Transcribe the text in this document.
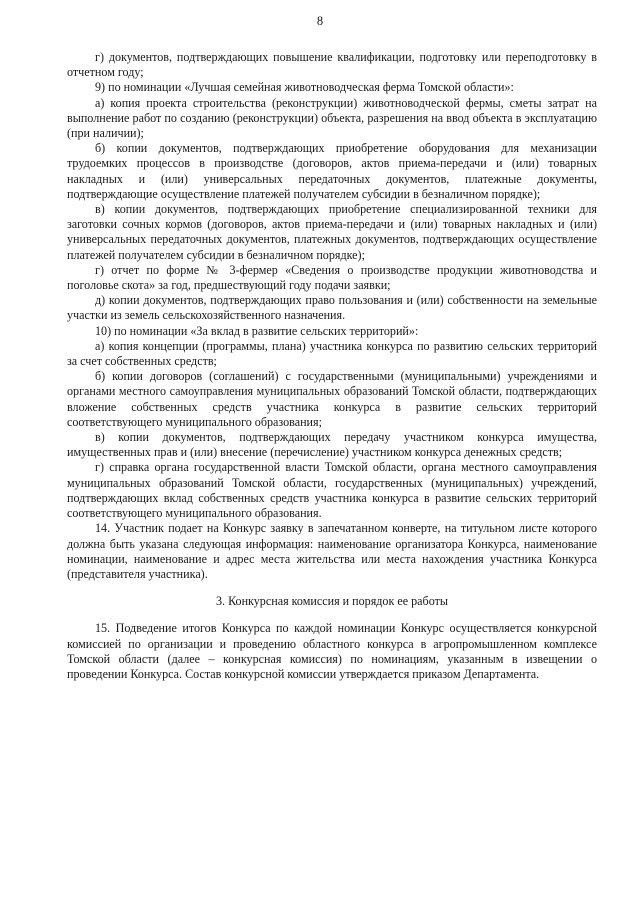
8

г) документов, подтверждающих повышение квалификации, подготовку или переподготовку в отчетном году;

9) по номинации «Лучшая семейная животноводческая ферма Томской области»:

а) копия проекта строительства (реконструкции) животноводческой фермы, сметы затрат на выполнение работ по созданию (реконструкции) объекта, разрешения на ввод объекта в эксплуатацию (при наличии);

б) копии документов, подтверждающих приобретение оборудования для механизации трудоемких процессов в производстве (договоров, актов приема-передачи и (или) товарных накладных и (или) универсальных передаточных документов, платежные документы, подтверждающие осуществление платежей получателем субсидии в безналичном порядке);

в) копии документов, подтверждающих приобретение специализированной техники для заготовки сочных кормов (договоров, актов приема-передачи и (или) товарных накладных и (или) универсальных передаточных документов, платежных документов, подтверждающих осуществление платежей получателем субсидии в безналичном порядке);

г) отчет по форме № 3-фермер «Сведения о производстве продукции животноводства и поголовье скота» за год, предшествующий году подачи заявки;

д) копии документов, подтверждающих право пользования и (или) собственности на земельные участки из земель сельскохозяйственного назначения.

10) по номинации «За вклад в развитие сельских территорий»:

а) копия концепции (программы, плана) участника конкурса по развитию сельских территорий за счет собственных средств;

б) копии договоров (соглашений) с государственными (муниципальными) учреждениями и органами местного самоуправления муниципальных образований Томской области, подтверждающих вложение собственных средств участника конкурса в развитие сельских территорий соответствующего муниципального образования;

в) копии документов, подтверждающих передачу участником конкурса имущества, имущественных прав и (или) внесение (перечисление) участником конкурса денежных средств;

г) справка органа государственной власти Томской области, органа местного самоуправления муниципальных образований Томской области, государственных (муниципальных) учреждений, подтверждающих вклад собственных средств участника конкурса в развитие сельских территорий соответствующего муниципального образования.

14. Участник подает на Конкурс заявку в запечатанном конверте, на титульном листе которого должна быть указана следующая информация: наименование организатора Конкурса, наименование номинации, наименование и адрес места жительства или места нахождения участника Конкурса (представителя участника).

3. Конкурсная комиссия и порядок ее работы

15. Подведение итогов Конкурса по каждой номинации Конкурс осуществляется конкурсной комиссией по организации и проведению областного конкурса в агропромышленном комплексе Томской области (далее – конкурсная комиссия) по номинациям, указанным в извещении о проведении Конкурса. Состав конкурсной комиссии утверждается приказом Департамента.
